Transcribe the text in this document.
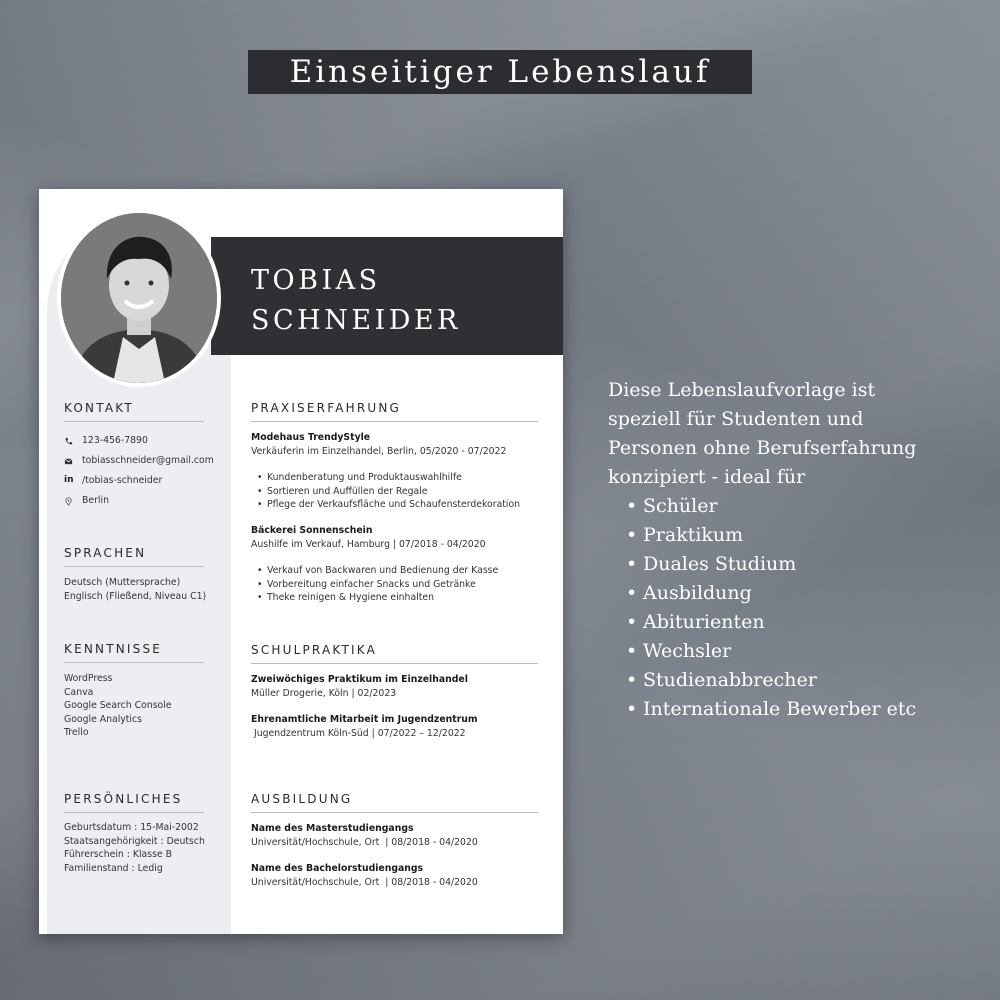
Einseitiger Lebenslauf
TOBIAS
SCHNEIDER
KONTAKT
123-456-7890
tobiasschneider@gmail.com
in /tobias-schneider
Berlin
SPRACHEN
Deutsch (Muttersprache)
Englisch (Fließend, Niveau C1)
KENNTNISSE
WordPress
Canva
Google Search Console
Google Analytics
Trello
PERSÖNLICHES
Geburtsdatum : 15-Mai-2002
Staatsangehörigkeit : Deutsch
Führerschein : Klasse B
Familienstand : Ledig
PRAXISERFAHRUNG
Modehaus TrendyStyle
Verkäuferin im Einzelhandel, Berlin, 05/2020 - 07/2022
• Kundenberatung und Produktauswahlhilfe
• Sortieren und Auffüllen der Regale
• Pflege der Verkaufsfläche und Schaufensterdekoration
Bäckerei Sonnenschein
Aushilfe im Verkauf, Hamburg | 07/2018 - 04/2020
• Verkauf von Backwaren und Bedienung der Kasse
• Vorbereitung einfacher Snacks und Getränke
• Theke reinigen & Hygiene einhalten
SCHULPRAKTIKA
Zweiwöchiges Praktikum im Einzelhandel
Müller Drogerie, Köln | 02/2023
Ehrenamtliche Mitarbeit im Jugendzentrum
Jugendzentrum Köln-Süd | 07/2022 – 12/2022
AUSBILDUNG
Name des Masterstudiengangs
Universität/Hochschule, Ort  | 08/2018 - 04/2020
Name des Bachelorstudiengangs
Universität/Hochschule, Ort  | 08/2018 - 04/2020
Diese Lebenslaufvorlage ist speziell für Studenten und Personen ohne Berufserfahrung konzipiert - ideal für
• Schüler
• Praktikum
• Duales Studium
• Ausbildung
• Abiturienten
• Wechsler
• Studienabbrecher
• Internationale Bewerber etc
